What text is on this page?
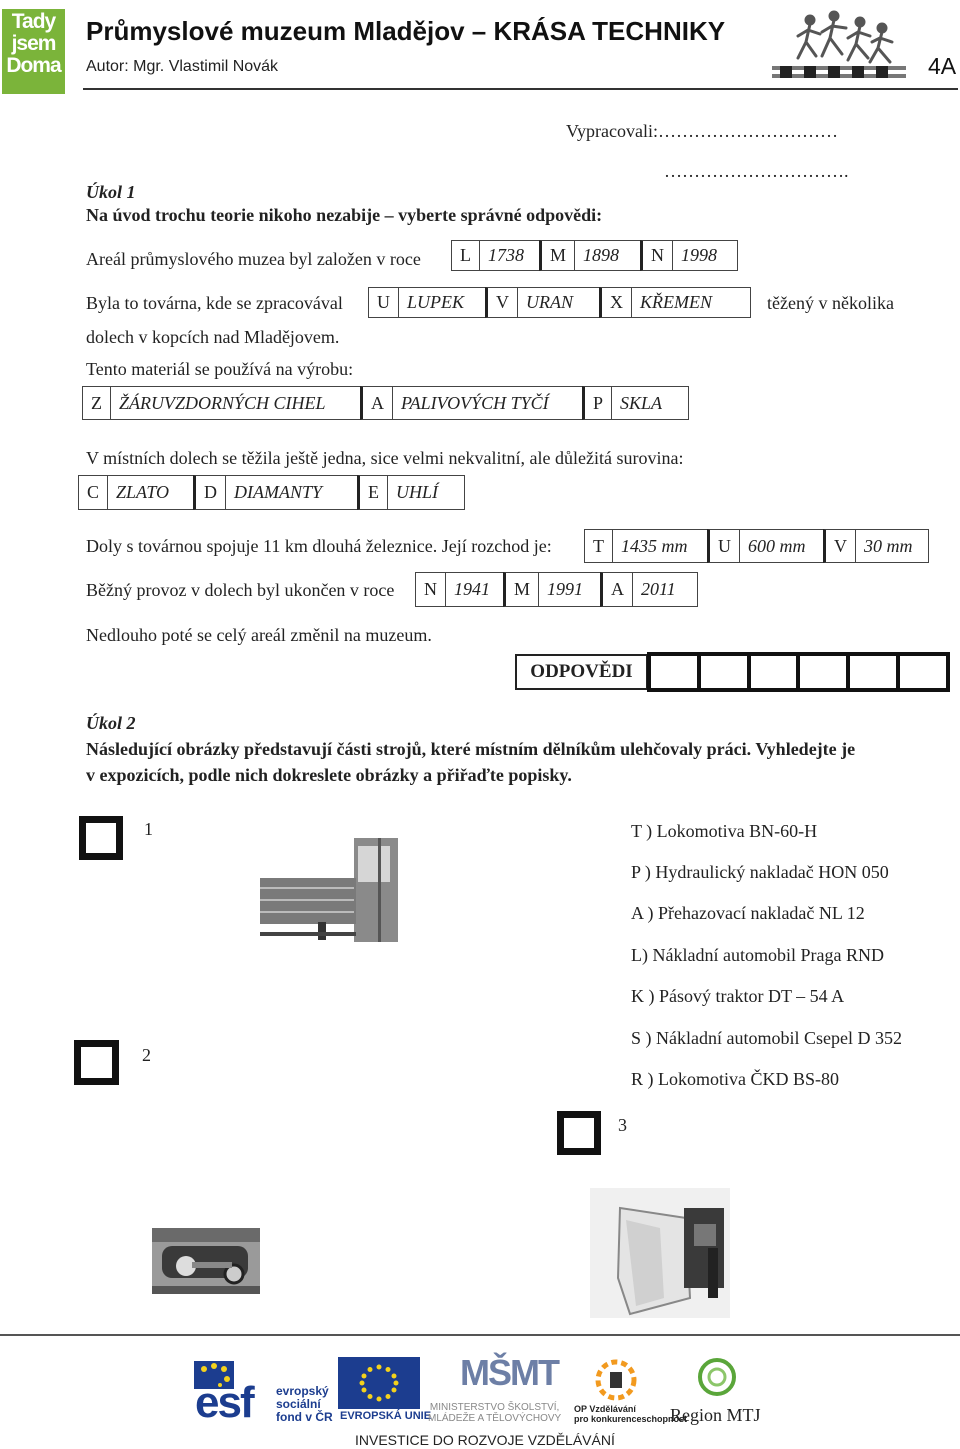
Tady
jsem
Doma
Průmyslové muzeum Mladějov – KRÁSA TECHNIKY
Autor: Mgr. Vlastimil Novák	4A
Vypracovali:…………………………
………………………….
Úkol 1
Na úvod trochu teorie nikoho nezabije – vyberte správné odpovědi:
Areál průmyslového muzea byl založen v roce	L 1738	M 1898	N 1998
Byla to továrna, kde se zpracovával	U LUPEK	V URAN	X KŘEMEN	těžený v několika
dolech v kopcích nad Mladějovem.
Tento materiál se používá na výrobu:
Z ŽÁRUVZDORNÝCH CIHEL	A PALIVOVÝCH TYČÍ	P SKLA
V místních dolech se těžila ještě jedna, sice velmi nekvalitní, ale důležitá surovina:
C ZLATO	D DIAMANTY	E UHLÍ
Doly s továrnou spojuje 11 km dlouhá železnice. Její rozchod je:	T 1435 mm	U 600 mm	V 30 mm
Běžný provoz v dolech byl ukončen v roce	N 1941	M 1991	A 2011
Nedlouho poté se celý areál změnil na muzeum.
ODPOVĚDI
Úkol 2
Následující obrázky představují části strojů, které místním dělníkům ulehčovaly práci. Vyhledejte je
v expozicích, podle nich dokreslete obrázky a přiřaďte popisky.
1	T ) Lokomotiva BN-60-H
P ) Hydraulický nakladač HON 050
A ) Přehazovací nakladač NL 12
L) Nákladní automobil Praga RND
K ) Pásový traktor DT – 54 A
S ) Nákladní automobil Csepel D 352
R ) Lokomotiva ČKD BS-80
2
3
esf evropský
sociální
fond v ČR EVROPSKÁ UNIE
MŠMT
MINISTERSTVO ŠKOLSTVÍ,
MLÁDEŽE A TĚLOVÝCHOVY
OP Vzdělávání
pro konkurenceschopnost
Region MTJ
INVESTICE DO ROZVOJE VZDĚLÁVÁNÍ
